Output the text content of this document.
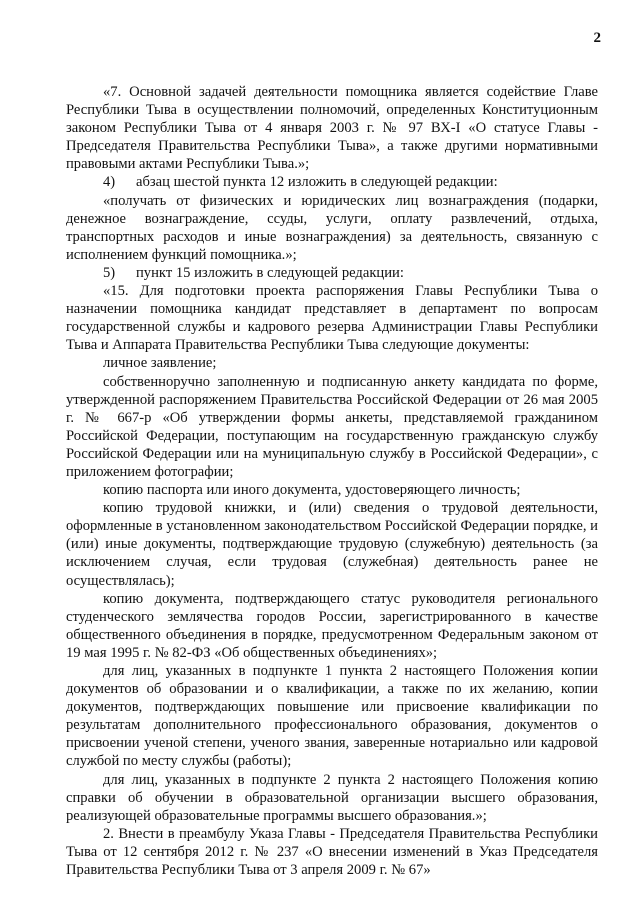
2

«7. Основной задачей деятельности помощника является содействие Главе Республики Тыва в осуществлении полномочий, определенных Конституционным законом Республики Тыва от 4 января 2003 г. № 97 ВХ-I «О статусе Главы - Председателя Правительства Республики Тыва», а также другими нормативными правовыми актами Республики Тыва.»;

4) абзац шестой пункта 12 изложить в следующей редакции:

«получать от физических и юридических лиц вознаграждения (подарки, денежное вознаграждение, ссуды, услуги, оплату развлечений, отдыха, транспортных расходов и иные вознаграждения) за деятельность, связанную с исполнением функций помощника.»;

5) пункт 15 изложить в следующей редакции:

«15. Для подготовки проекта распоряжения Главы Республики Тыва о назначении помощника кандидат представляет в департамент по вопросам государственной службы и кадрового резерва Администрации Главы Республики Тыва и Аппарата Правительства Республики Тыва следующие документы:

личное заявление;

собственноручно заполненную и подписанную анкету кандидата по форме, утвержденной распоряжением Правительства Российской Федерации от 26 мая 2005 г. № 667-р «Об утверждении формы анкеты, представляемой гражданином Российской Федерации, поступающим на государственную гражданскую службу Российской Федерации или на муниципальную службу в Российской Федерации», с приложением фотографии;

копию паспорта или иного документа, удостоверяющего личность;

копию трудовой книжки, и (или) сведения о трудовой деятельности, оформленные в установленном законодательством Российской Федерации порядке, и (или) иные документы, подтверждающие трудовую (служебную) деятельность (за исключением случая, если трудовая (служебная) деятельность ранее не осуществлялась);

копию документа, подтверждающего статус руководителя регионального студенческого землячества городов России, зарегистрированного в качестве общественного объединения в порядке, предусмотренном Федеральным законом от 19 мая 1995 г. № 82-ФЗ «Об общественных объединениях»;

для лиц, указанных в подпункте 1 пункта 2 настоящего Положения копии документов об образовании и о квалификации, а также по их желанию, копии документов, подтверждающих повышение или присвоение квалификации по результатам дополнительного профессионального образования, документов о присвоении ученой степени, ученого звания, заверенные нотариально или кадровой службой по месту службы (работы);

для лиц, указанных в подпункте 2 пункта 2 настоящего Положения копию справки об обучении в образовательной организации высшего образования, реализующей образовательные программы высшего образования.»;

2. Внести в преамбулу Указа Главы - Председателя Правительства Республики Тыва от 12 сентября 2012 г. № 237 «О внесении изменений в Указ Председателя Правительства Республики Тыва от 3 апреля 2009 г. № 67»
